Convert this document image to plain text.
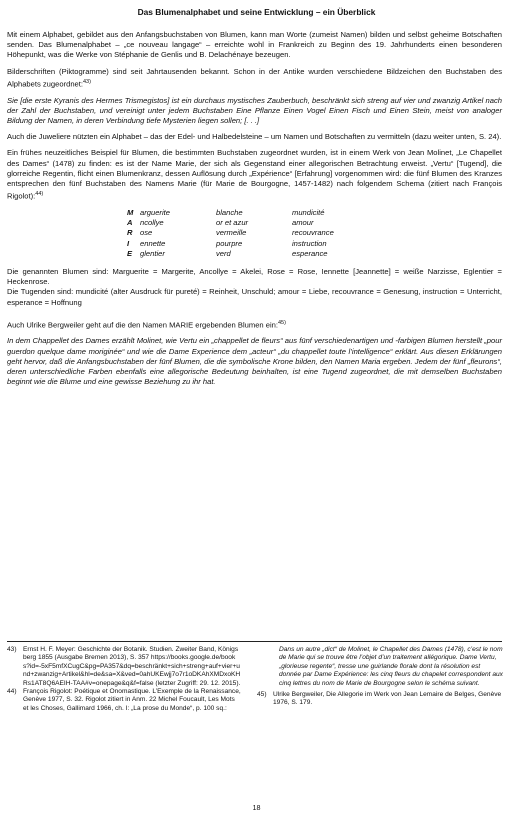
Das Blumenalphabet und seine Entwicklung – ein Überblick

Mit einem Alphabet, gebildet aus den Anfangsbuchstaben von Blumen, kann man Worte (zumeist Namen) bilden und selbst geheime Botschaften senden. Das Blumenalphabet – „ce nouveau langage“ – erreichte wohl in Frankreich zu Beginn des 19. Jahrhunderts einen besonderen Höhepunkt, was die Werke von Stéphanie de Genlis und B. Delachénaye bezeugen.

Bilderschriften (Piktogramme) sind seit Jahrtausenden bekannt. Schon in der Antike wurden verschiedene Bildzeichen den Buchstaben des Alphabets zugeordnet:$^{43)}$

Sie [die erste Kyranis des Hermes Trismegistos] ist ein durchaus mystisches Zauberbuch, beschränkt sich streng auf vier und zwanzig Artikel nach der Zahl der Buchstaben, und vereinigt unter jedem Buchstaben Eine Pflanze Einen Vogel Einen Fisch und Einen Stein, meist von analoger Bildung der Namen, in deren Verbindung tiefe Mysterien liegen sollen; [. . .]

Auch die Juweliere nützten ein Alphabet – das der Edel- und Halbedelsteine – um Namen und Botschaften zu vermitteln (dazu weiter unten, S. 24).

Ein frühes neuzeitliches Beispiel für Blumen, die bestimmten Buchstaben zugeordnet wurden, ist in einem Werk von Jean Molinet, „Le Chapellet des Dames“ (1478) zu finden: es ist der Name Marie, der sich als Gegenstand einer allegorischen Betrachtung erweist. „Vertu“ [Tugend], die glorreiche Regentin, flicht einen Blumenkranz, dessen Auflösung durch „Expérience“ [Erfahrung] vorgenommen wird: die fünf Blumen des Kranzes entsprechen den fünf Buchstaben des Namens Marie (für Marie de Bourgogne, 1457-1482) nach folgendem Schema (zitiert nach François Rigolot):$^{44)}$

M	arguerite	blanche	mundicité
A	ncollye	or et azur	amour
R	ose	vermeille	recouvrance
I	ennette	pourpre	instruction
E	glentier	verd	esperance

Die genannten Blumen sind: Marguerite = Margerite, Ancollye = Akelei, Rose = Rose, Iennette [Jeannette] = weiße Narzisse, Eglentier = Heckenrose.

Die Tugenden sind: mundicité (alter Ausdruck für pureté) = Reinheit, Unschuld; amour = Liebe, recouvrance = Genesung, instruction = Unterricht, esperance = Hoffnung

Auch Ulrike Bergweiler geht auf die den Namen MARIE ergebenden Blumen ein:$^{45)}$

In dem Chappellet des Dames erzählt Molinet, wie Vertu ein „chappellet de fleurs“ aus fünf verschiedenartigen und -farbigen Blumen herstellt „pour guerdon quelque dame moriginée“ und wie die Dame Experience dem „acteur“ „du chappellet toute l’intelligence“ erklärt. Aus diesen Erklärungen geht hervor, daß die Anfangsbuchstaben der fünf Blumen, die die symbolische Krone bilden, den Namen Maria ergeben. Jedem der fünf „fleurons“, deren unterschiedliche Farben ebenfalls eine allegorische Bedeutung beinhalten, ist eine Tugend zugeordnet, die mit demselben Buchstaben beginnt wie die Blume und eine gewisse Beziehung zu ihr hat.

43) Ernst H. F. Meyer: Geschichte der Botanik. Studien. Zweiter Band, Königsberg 1855 (Ausgabe Bremen 2013), S. 357 https://books.google.de/books?id=-5xF5mfXCugC&pg=PA357&dq=beschränkt+sich+streng+auf+vier+und+zwanzig+Artikel&hl=de&sa=X&ved=0ahUKEwjj7o7r1oDKAhXMDxoKHRs1AT8Q6AEIH-TAA#v=onepage&q&f=false (letzter Zugriff: 29. 12. 2015).
44) François Rigolot: Poétique et Onomastique. L’Exemple de la Renaissance, Genève 1977, S. 32. Rigolot zitiert in Anm. 22 Michel Foucault, Les Mots et les Choses, Gallimard 1966, ch. I: „La prose du Monde“, p. 100 sq.:
Dans un autre „dict“ de Molinet, le Chapellet des Dames (1478), c’est le nom de Marie qui se trouve être l’objet d’un traitement allégorique. Dame Vertu, „glorieuse regente“, tresse une guirlande florale dont la résolution est donnée par Dame Expérience: les cinq fleurs du chapelet correspondent aux cinq lettres du nom de Marie de Bourgogne selon le schéma suivant.
45) Ulrike Bergweiler, Die Allegorie im Werk von Jean Lemaire de Belges, Genève 1976, S. 179.
18
